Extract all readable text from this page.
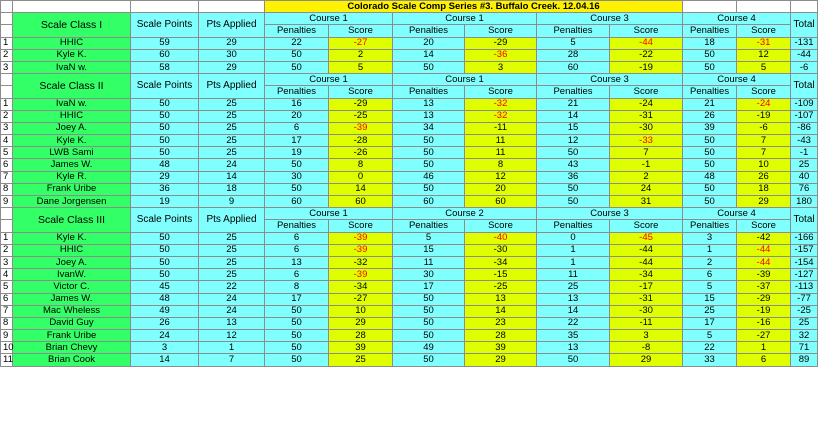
				Colorado Scale Comp Series #3. Buffalo Creek. 12.04.16								
	Scale Class I	Scale Points	Pts Applied	Course 1		Course 1		Course 3		Course 4		Total
				Penalties	Score	Penalties	Score	Penalties	Score	Penalties	Score	
1	HHIC	59	29	22	-27	20	-29	5	-44	18	-31	-131
2	Kyle K.	60	30	50	2	14	-36	28	-22	50	12	-44
3	IvaN w.	58	29	50	5	50	3	60	-19	50	5	-6
	Scale Class II	Scale Points	Pts Applied	Course 1		Course 1		Course 3		Course 4		Total
				Penalties	Score	Penalties	Score	Penalties	Score	Penalties	Score	
1	IvaN w.	50	25	16	-29	13	-32	21	-24	21	-24	-109
2	HHIC	50	25	20	-25	13	-32	14	-31	26	-19	-107
3	Joey A.	50	25	6	-39	34	-11	15	-30	39	-6	-86
4	Kyle K.	50	25	17	-28	50	11	12	-33	50	7	-43
5	LWB Sami	50	25	19	-26	50	11	50	7	50	7	-1
6	James W.	48	24	50	8	50	8	43	-1	50	10	25
7	Kyle R.	29	14	30	0	46	12	36	2	48	26	40
8	Frank Uribe	36	18	50	14	50	20	50	24	50	18	76
9	Dane Jorgensen	19	9	60	60	60	60	50	31	50	29	180
	Scale Class III	Scale Points	Pts Applied	Course 1		Course 2		Course 3		Course 4		Total
				Penalties	Score	Penalties	Score	Penalties	Score	Penalties	Score	
1	Kyle K.	50	25	6	-39	5	-40	0	-45	3	-42	-166
2	HHIC	50	25	6	-39	15	-30	1	-44	1	-44	-157
3	Joey A.	50	25	13	-32	11	-34	1	-44	2	-44	-154
4	IvanW.	50	25	6	-39	30	-15	11	-34	6	-39	-127
5	Victor C.	45	22	8	-34	17	-25	25	-17	5	-37	-113
6	James W.	48	24	17	-27	50	13	13	-31	15	-29	-77
7	Mac Wheless	49	24	50	10	50	14	14	-30	25	-19	-25
8	David Guy	26	13	50	29	50	23	22	-11	17	-16	25
9	Frank Uribe	24	12	50	28	50	28	35	3	5	-27	32
10	Brian Chevy	3	1	50	39	49	39	13	-8	22	1	71
11	Brian Cook	14	7	50	25	50	29	50	29	33	6	89
